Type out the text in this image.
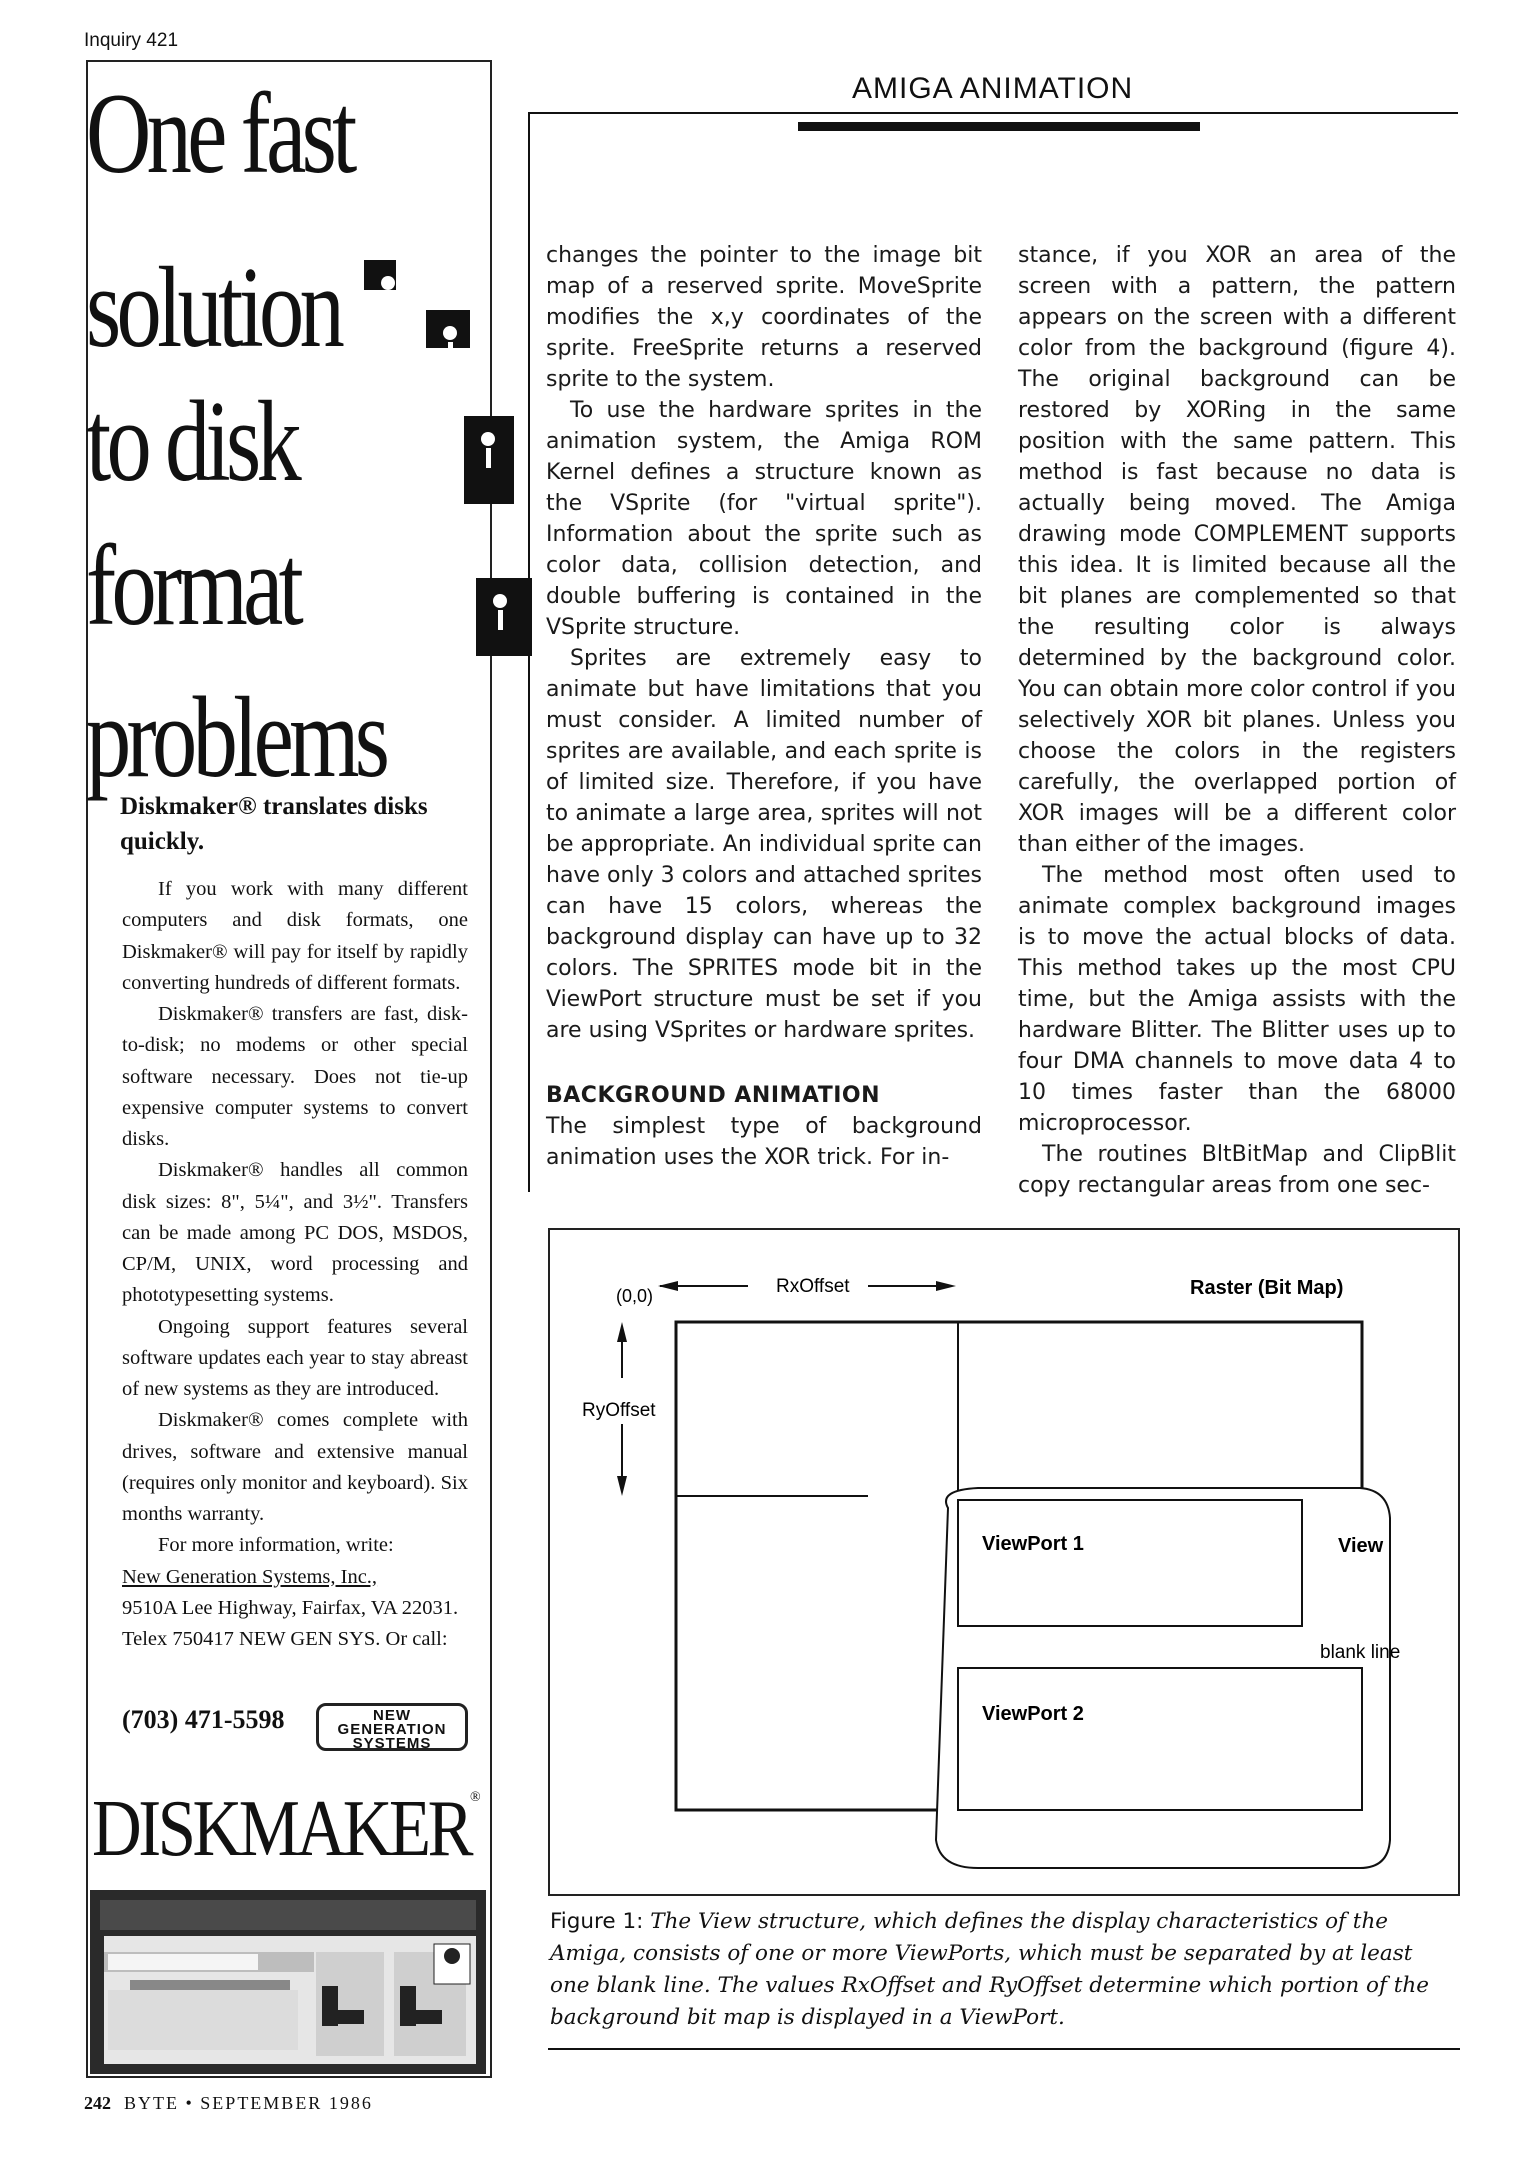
Inquiry 421
One fast
solution
to disk
format
problems
Diskmaker® translates disks quickly.

If you work with many different computers and disk formats, one Diskmaker® will pay for itself by rapidly converting hundreds of different formats.

Diskmaker® transfers are fast, disk-to-disk; no modems or other special software necessary. Does not tie-up expensive computer systems to convert disks.

Diskmaker® handles all common disk sizes: 8", 5¼", and 3½". Transfers can be made among PC DOS, MSDOS, CP/M, UNIX, word processing and phototypesetting systems.

Ongoing support features several software updates each year to stay abreast of new systems as they are introduced.

Diskmaker® comes complete with drives, software and extensive manual (requires only monitor and keyboard). Six months warranty.

For more information, write:

New Generation Systems, Inc.,

9510A Lee Highway, Fairfax, VA 22031.

Telex 750417 NEW GEN SYS. Or call:

(703) 471-5598	NEW
GENERATION
SYSTEMS
DISKMAKER ®
242 BYTE • SEPTEMBER 1986
AMIGA ANIMATION

changes the pointer to the image bit map of a reserved sprite. MoveSprite modifies the x,y coordinates of the sprite. FreeSprite returns a reserved sprite to the system.

To use the hardware sprites in the animation system, the Amiga ROM Kernel defines a structure known as the VSprite (for "virtual sprite"). Information about the sprite such as color data, collision detection, and double buffering is contained in the VSprite structure.

Sprites are extremely easy to animate but have limitations that you must consider. A limited number of sprites are available, and each sprite is of limited size. Therefore, if you have to animate a large area, sprites will not be appropriate. An individual sprite can have only 3 colors and attached sprites can have 15 colors, whereas the background display can have up to 32 colors. The SPRITES mode bit in the ViewPort structure must be set if you are using VSprites or hardware sprites.

BACKGROUND ANIMATION

The simplest type of background animation uses the XOR trick. For in-

stance, if you XOR an area of the screen with a pattern, the pattern appears on the screen with a different color from the background (figure 4). The original background can be restored by XORing in the same position with the same pattern. This method is fast because no data is actually being moved. The Amiga drawing mode COMPLEMENT supports this idea. It is limited because all the bit planes are complemented so that the resulting color is always determined by the background color. You can obtain more color control if you selectively XOR bit planes. Unless you choose the colors in the registers carefully, the overlapped portion of XOR images will be a different color than either of the images.

The method most often used to animate complex background images is to move the actual blocks of data. This method takes up the most CPU time, but the Amiga assists with the hardware Blitter. The Blitter uses up to four DMA channels to move data 4 to 10 times faster than the 68000 microprocessor.

The routines BltBitMap and ClipBlit copy rectangular areas from one sec-

(0,0)	RxOffset
RyOffset
Raster (Bit Map)
ViewPort 1
ViewPort 2
View
blank line
Figure 1: The View structure, which defines the display characteristics of the Amiga, consists of one or more ViewPorts, which must be separated by at least one blank line. The values RxOffset and RyOffset determine which portion of the background bit map is displayed in a ViewPort.
